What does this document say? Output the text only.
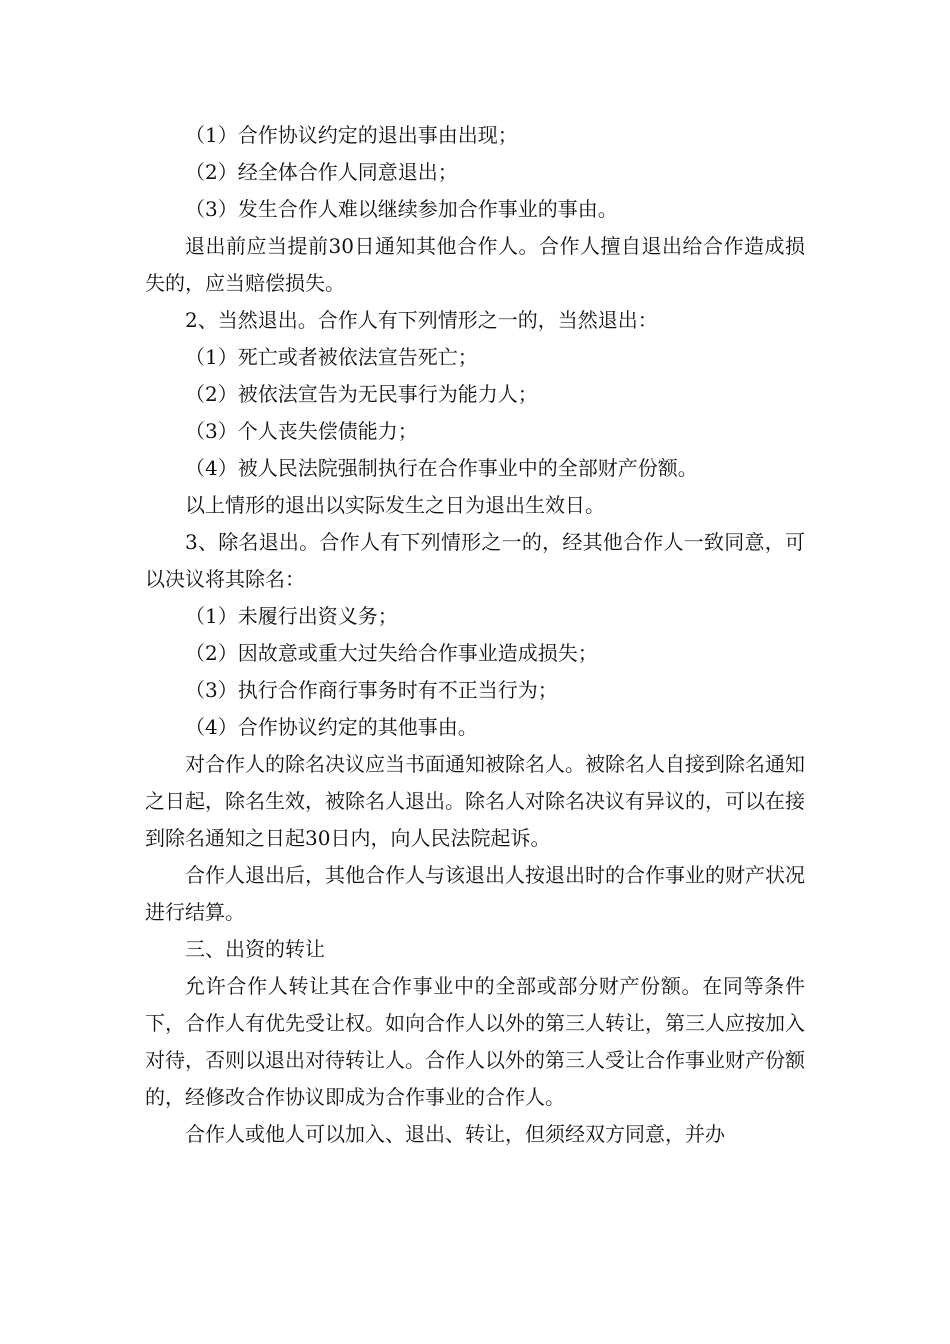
（1）合作协议约定的退出事由出现；

（2）经全体合作人同意退出；

（3）发生合作人难以继续参加合作事业的事由。

退出前应当提前30日通知其他合作人。合作人擅自退出给合作造成损失的，应当赔偿损失。

2、当然退出。合作人有下列情形之一的，当然退出：

（1）死亡或者被依法宣告死亡；

（2）被依法宣告为无民事行为能力人；

（3）个人丧失偿债能力；

（4）被人民法院强制执行在合作事业中的全部财产份额。

以上情形的退出以实际发生之日为退出生效日。

3、除名退出。合作人有下列情形之一的，经其他合作人一致同意，可以决议将其除名：

（1）未履行出资义务；

（2）因故意或重大过失给合作事业造成损失；

（3）执行合作商行事务时有不正当行为；

（4）合作协议约定的其他事由。

对合作人的除名决议应当书面通知被除名人。被除名人自接到除名通知之日起，除名生效，被除名人退出。除名人对除名决议有异议的，可以在接到除名通知之日起30日内，向人民法院起诉。

合作人退出后，其他合作人与该退出人按退出时的合作事业的财产状况进行结算。

三、出资的转让

允许合作人转让其在合作事业中的全部或部分财产份额。在同等条件下，合作人有优先受让权。如向合作人以外的第三人转让，第三人应按加入对待，否则以退出对待转让人。合作人以外的第三人受让合作事业财产份额的，经修改合作协议即成为合作事业的合作人。

合作人或他人可以加入、退出、转让，但须经双方同意，并办
